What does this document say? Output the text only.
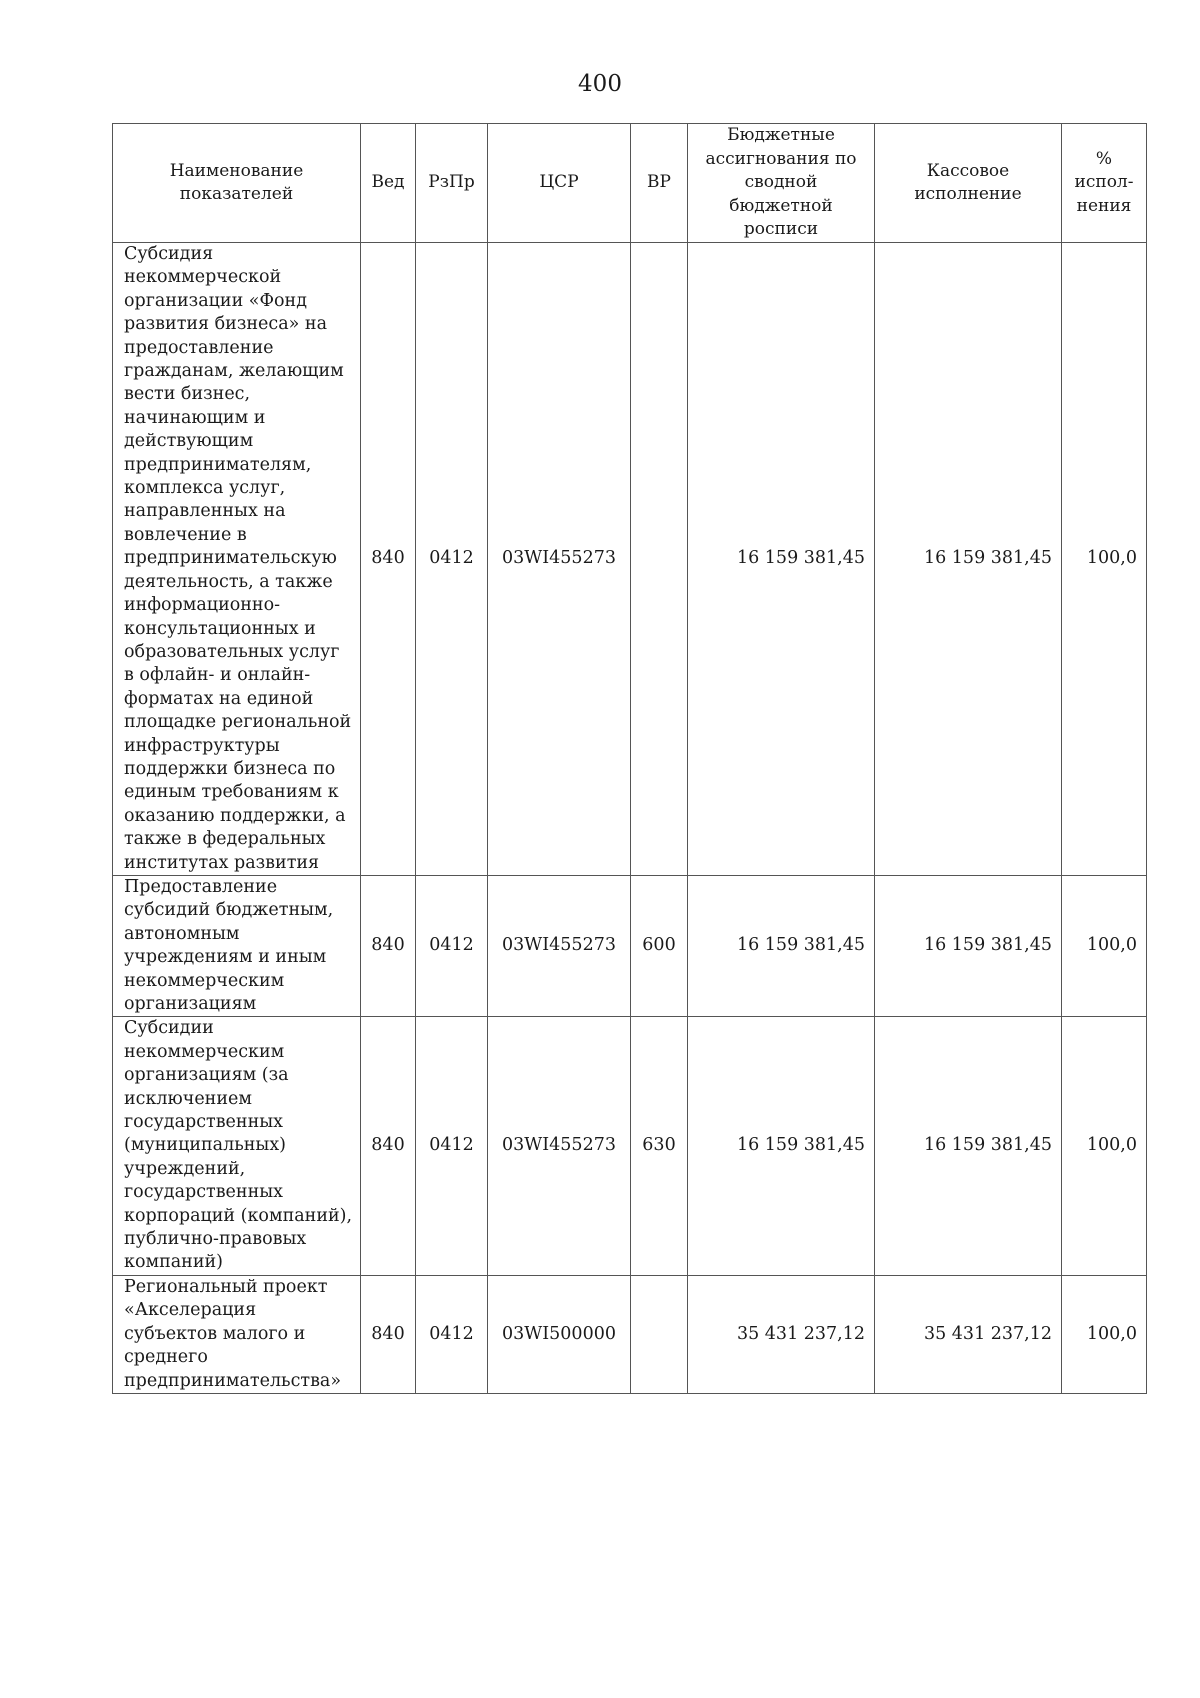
400
Наименование показателей	Вед	РзПр	ЦСР	ВР	Бюджетные ассигнования по сводной бюджетной росписи	Кассовое исполнение	% испол-нения
Субсидия некоммерческой организации «Фонд развития бизнеса» на предоставление гражданам, желающим вести бизнес, начинающим и действующим предпринимателям, комплекса услуг, направленных на вовлечение в предпринимательскую деятельность, а также информационно-консультационных и образовательных услуг в офлайн- и онлайн-форматах на единой площадке региональной инфраструктуры поддержки бизнеса по единым требованиям к оказанию поддержки, а также в федеральных институтах развития	840	0412	03WI455273		16 159 381,45	16 159 381,45	100,0
Предоставление субсидий бюджетным, автономным учреждениям и иным некоммерческим организациям	840	0412	03WI455273	600	16 159 381,45	16 159 381,45	100,0
Субсидии некоммерческим организациям (за исключением государственных (муниципальных) учреждений, государственных корпораций (компаний), публично-правовых компаний)	840	0412	03WI455273	630	16 159 381,45	16 159 381,45	100,0
Региональный проект «Акселерация субъектов малого и среднего предпринимательства»	840	0412	03WI500000		35 431 237,12	35 431 237,12	100,0
